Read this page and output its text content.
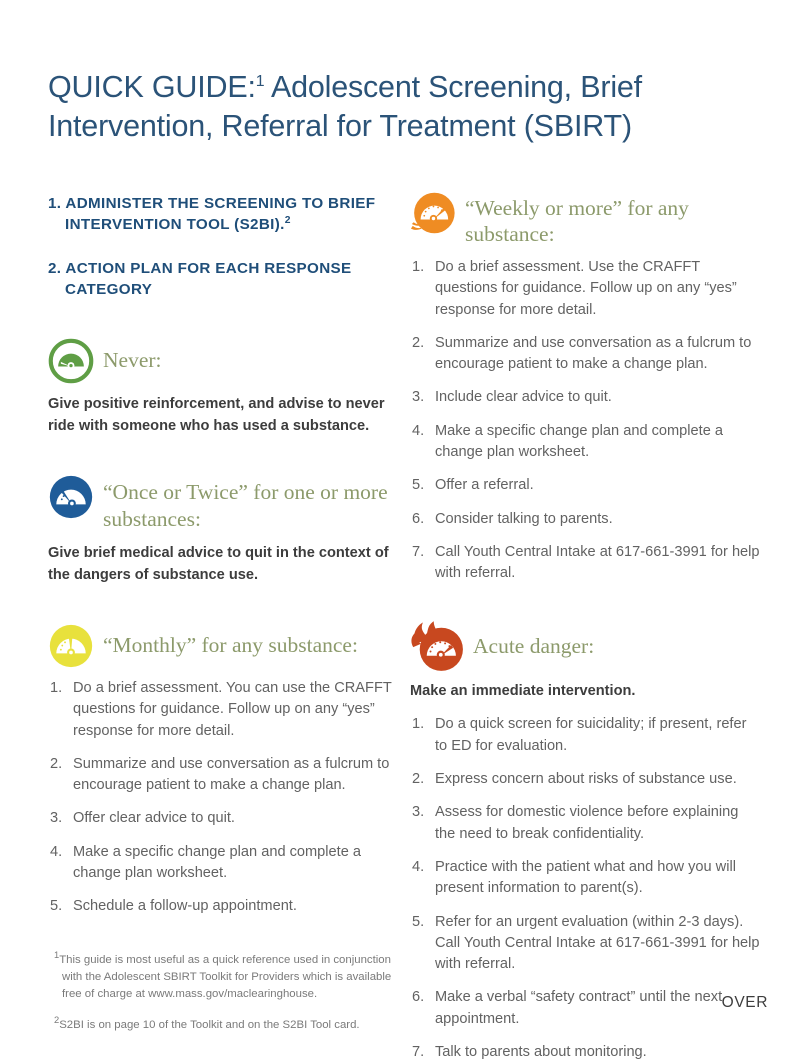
QUICK GUIDE:$^1$ Adolescent Screening, Brief Intervention, Referral for Treatment (SBIRT)

1. ADMINISTER THE SCREENING TO BRIEF INTERVENTION TOOL (S2BI).$^2$

2. ACTION PLAN FOR EACH RESPONSE CATEGORY

Never:

Give positive reinforcement, and advise to never ride with someone who has used a substance.

“Once or Twice” for one or more substances:

Give brief medical advice to quit in the context of the dangers of substance use.

“Monthly” for any substance:
Do a brief assessment. You can use the CRAFFT questions for guidance. Follow up on any “yes” response for more detail.
Summarize and use conversation as a fulcrum to encourage patient to make a change plan.
Offer clear advice to quit.
Make a specific change plan and complete a change plan worksheet.
Schedule a follow-up appointment.

$^1$This guide is most useful as a quick reference used in conjunction with the Adolescent SBIRT Toolkit for Providers which is available free of charge at www.mass.gov/maclearinghouse.

$^2$S2BI is on page 10 of the Toolkit and on the S2BI Tool card.

“Weekly or more” for any substance:
Do a brief assessment. Use the CRAFFT questions for guidance. Follow up on any “yes” response for more detail.
Summarize and use conversation as a fulcrum to encourage patient to make a change plan.
Include clear advice to quit.
Make a specific change plan and complete a change plan worksheet.
Offer a referral.
Consider talking to parents.
Call Youth Central Intake at 617-661-3991 for help with referral.
Acute danger:

Make an immediate intervention.

Do a quick screen for suicidality; if present, refer to ED for evaluation.
Express concern about risks of substance use.
Assess for domestic violence before explaining the need to break confidentiality.
Practice with the patient what and how you will present information to parent(s).
Refer for an urgent evaluation (within 2-3 days). Call Youth Central Intake at 617-661-3991 for help with referral.
Make a verbal “safety contract” until the next appointment.
Talk to parents about monitoring.
OVER
